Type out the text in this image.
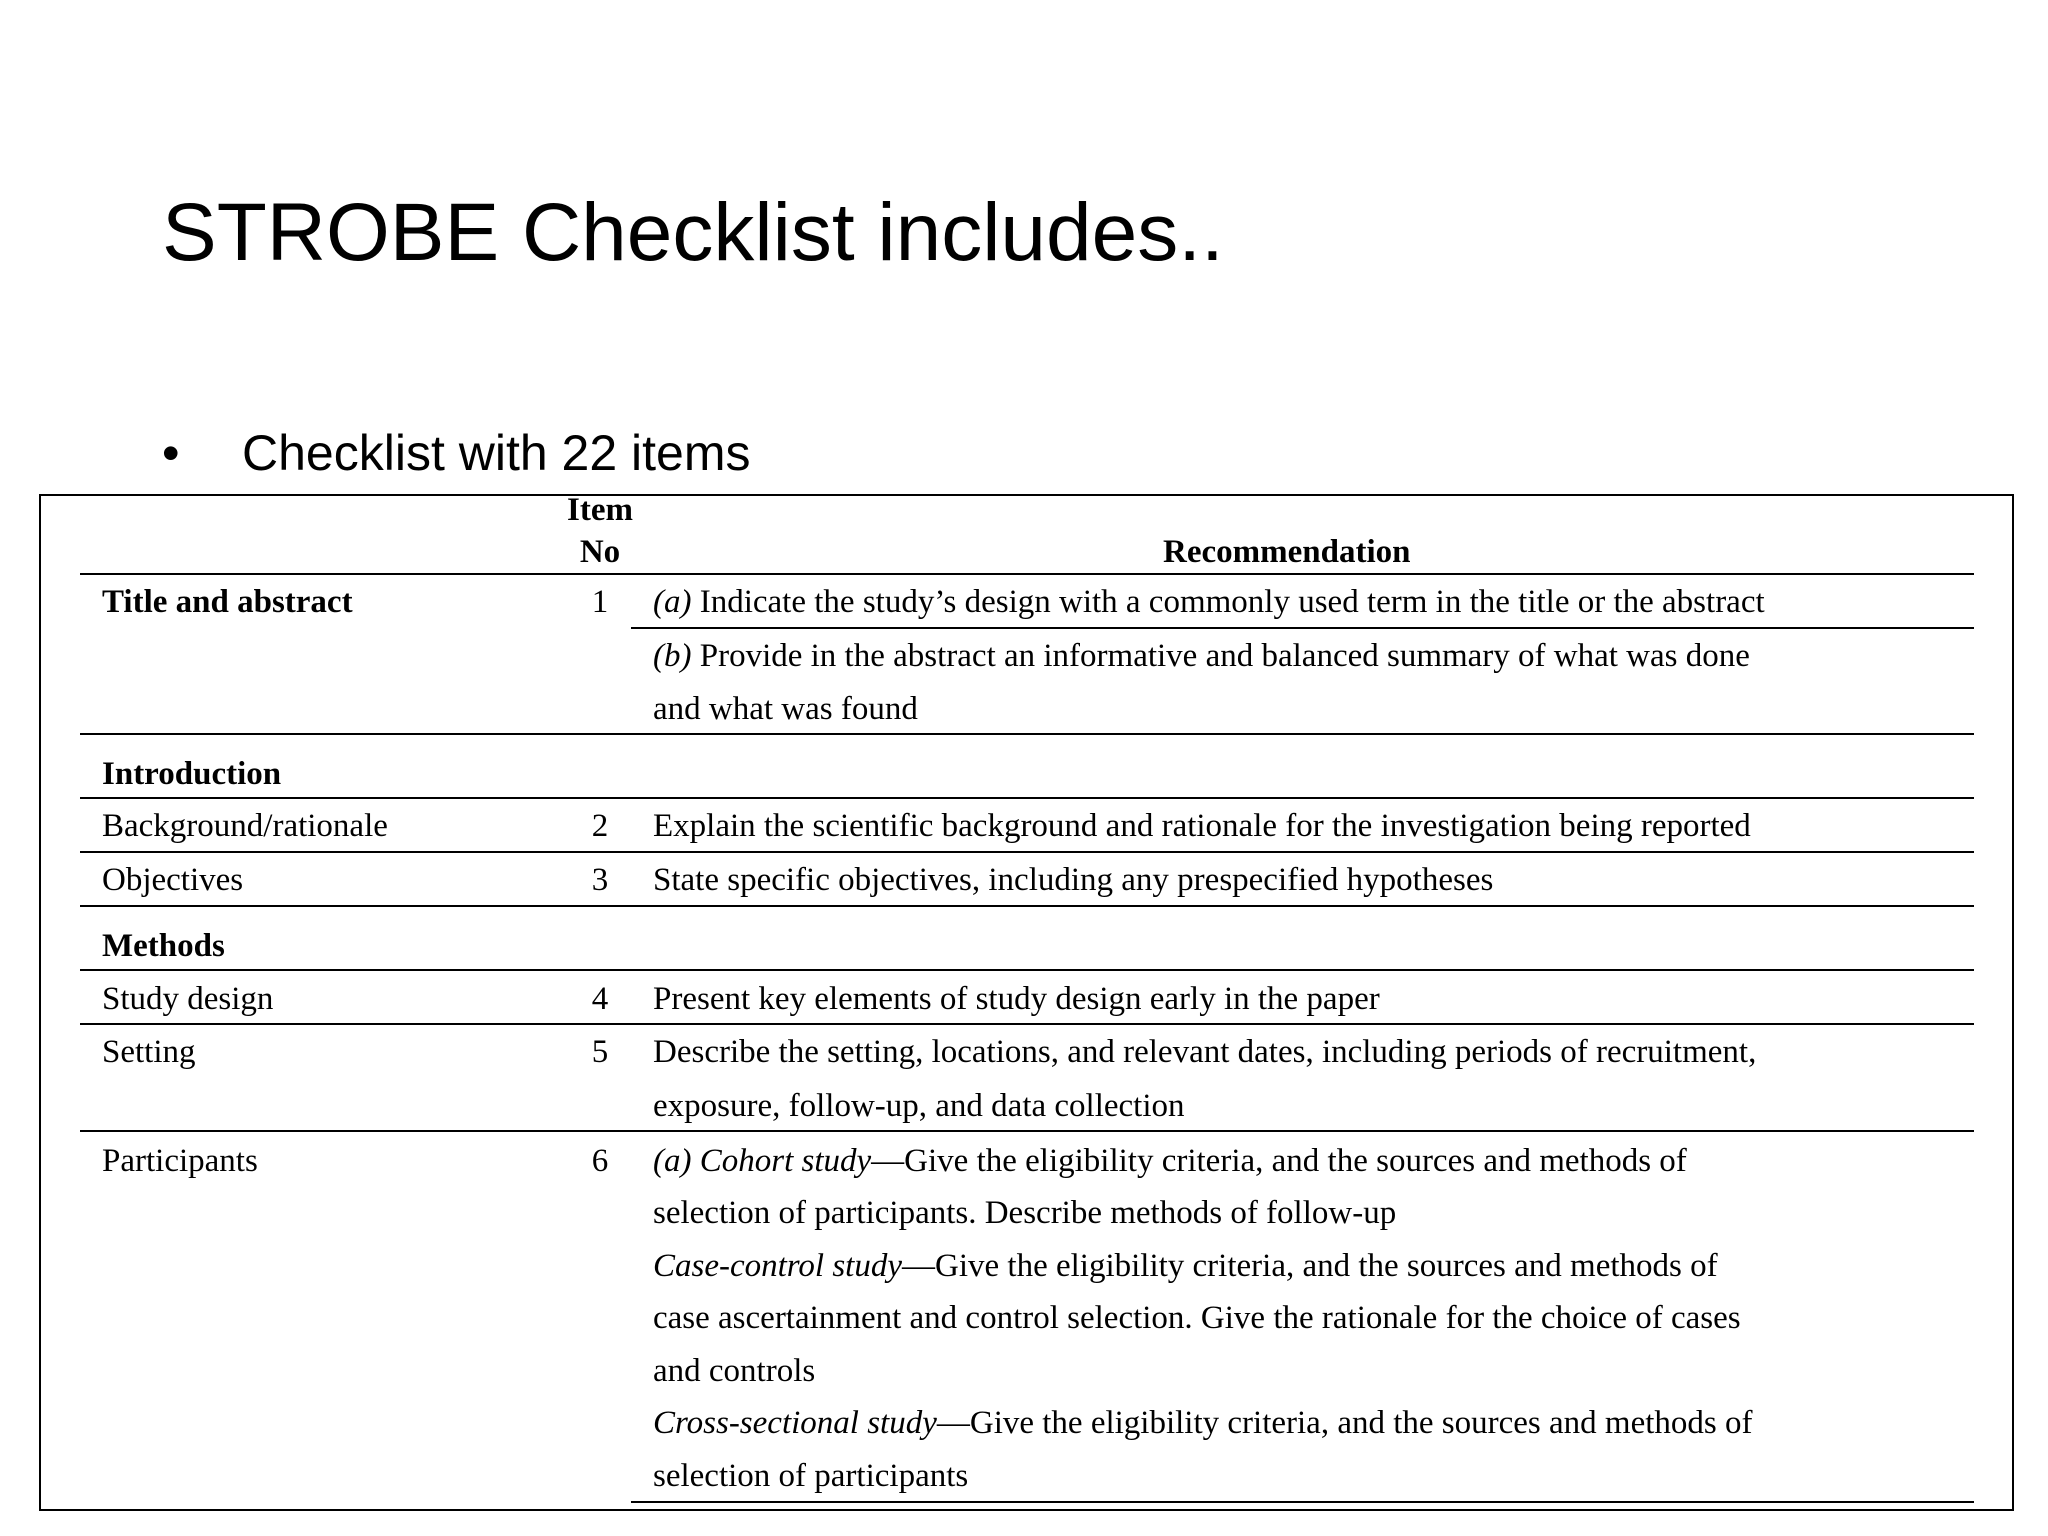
STROBE Checklist includes..
• Checklist with 22 items
Item
No	Recommendation
Title and abstract	1	(a) Indicate the study’s design with a commonly used term in the title or the abstract
(b) Provide in the abstract an informative and balanced summary of what was done
and what was found
Introduction
Background/rationale	2	Explain the scientific background and rationale for the investigation being reported
Objectives	3	State specific objectives, including any prespecified hypotheses
Methods
Study design	4	Present key elements of study design early in the paper
Setting	5	Describe the setting, locations, and relevant dates, including periods of recruitment,
exposure, follow-up, and data collection
Participants	6	(a) Cohort study—Give the eligibility criteria, and the sources and methods of
selection of participants. Describe methods of follow-up
Case-control study—Give the eligibility criteria, and the sources and methods of
case ascertainment and control selection. Give the rationale for the choice of cases
and controls
Cross-sectional study—Give the eligibility criteria, and the sources and methods of
selection of participants
